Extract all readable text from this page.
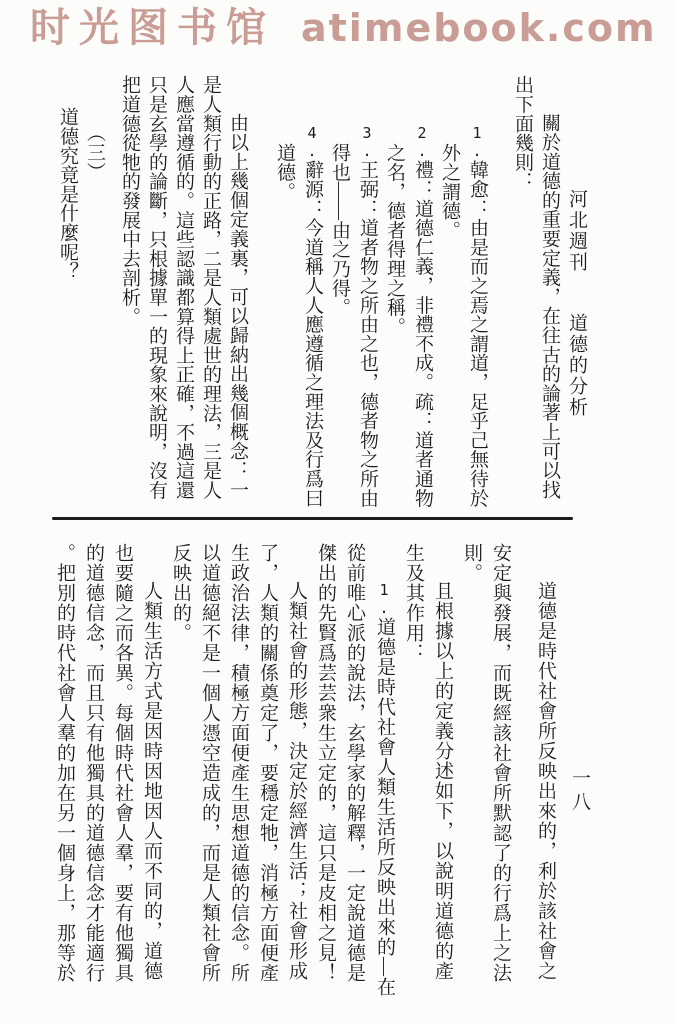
时光图书馆 atimebook.com
河北週刊道德的分析
關於道德的重要定義，在往古的論著上可以找
出下面幾則：
1.韓愈：由是而之焉之謂道，足乎己無待於
外之謂德。
2.禮：道德仁義，非禮不成。疏：道者通物
之名，德者得理之稱。
3.王弼：道者物之所由之也，德者物之所由
得也——由之乃得。
4.辭源：今道稱人人應遵循之理法及行爲曰
道德。
由以上幾個定義裏，可以歸納出幾個概念：一
是人類行動的正路，二是人類處世的理法，三是人
人應當遵循的。這些認識都算得上正確，不過這還
只是玄學的論斷，只根據單一的現象來說明，沒有
把道德從牠的發展中去剖析。
（三）
道德究竟是什麼呢？
道德是時代社會所反映出來的，利於該社會之
安定與發展，而既經該社會所默認了的行爲上之法
則。
且根據以上的定義分述如下，以說明道德的產
生及其作用：
1.道德是時代社會人類生活所反映出來的—在
從前唯心派的說法，玄學家的解釋，一定說道德是
傑出的先賢爲芸芸衆生立定的，這只是皮相之見！
人類社會的形態，決定於經濟生活；社會形成
了，人類的關係奠定了，要穩定牠，消極方面便產
生政治法律，積極方面便產生思想道德的信念。所
以道德絕不是一個人憑空造成的，而是人類社會所
反映出的。
人類生活方式是因時因地因人而不同的，道德
也要隨之而各異。每個時代社會人羣，要有他獨具
的道德信念，而且只有他獨具的道德信念才能適行
。把別的時代社會人羣的加在另一個身上，那等於	一八
